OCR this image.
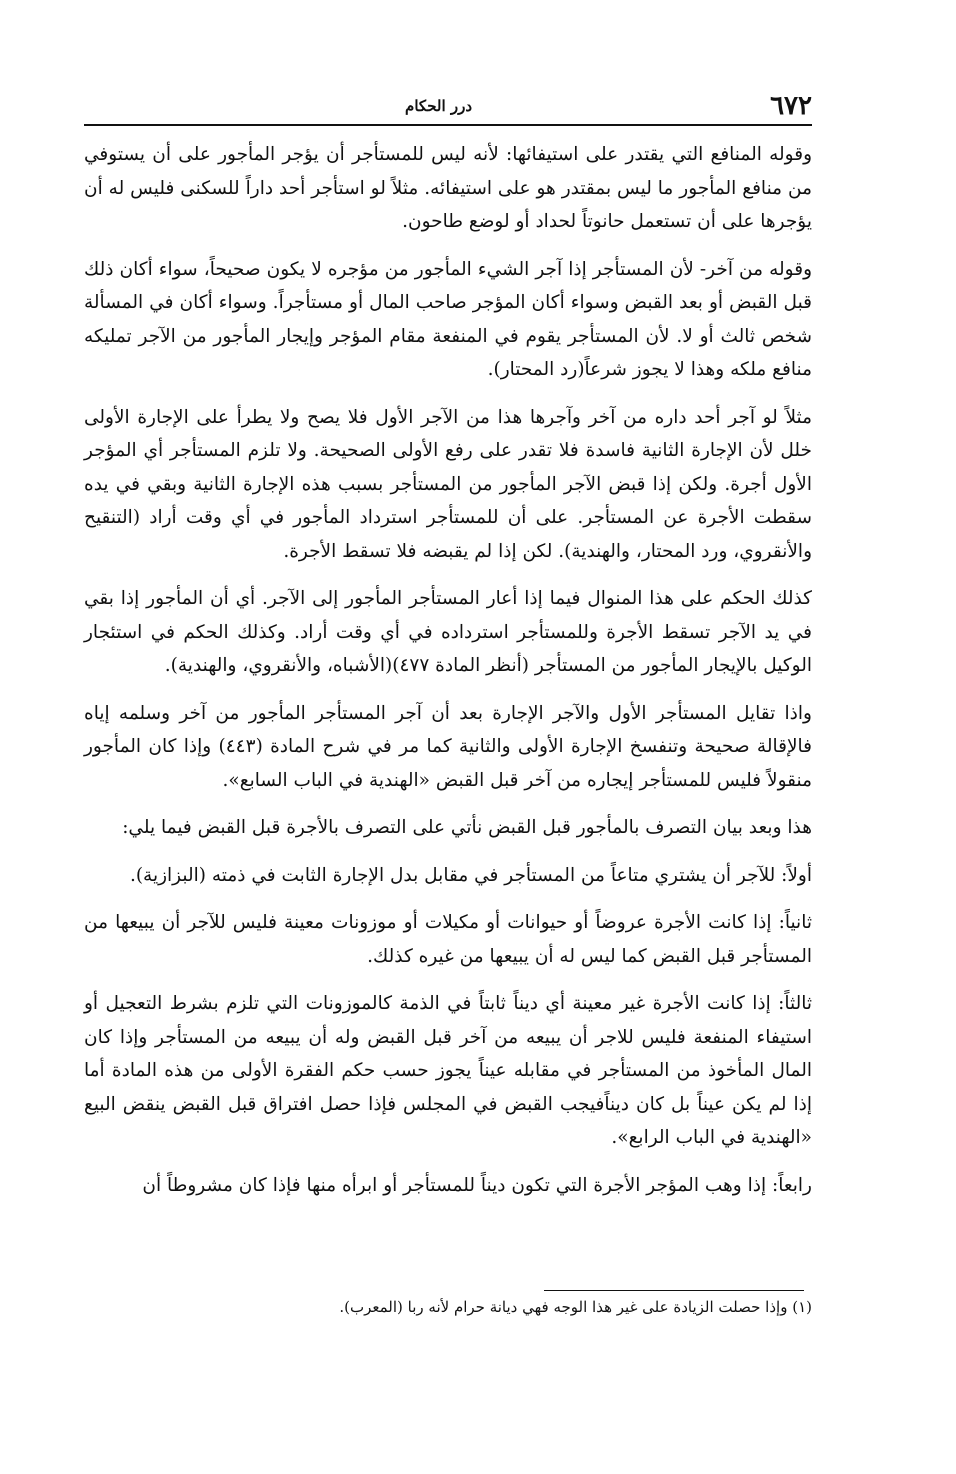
٦٧٢
درر الحكام

وقوله المنافع التي يقتدر على استيفائها: لأنه ليس للمستأجر أن يؤجر المأجور على أن يستوفي من منافع المأجور ما ليس بمقتدر هو على استيفائه. مثلاً لو استأجر أحد داراً للسكنى فليس له أن يؤجرها على أن تستعمل حانوتاً لحداد أو لوضع طاحون.

وقوله من آخر- لأن المستأجر إذا آجر الشيء المأجور من مؤجره لا يكون صحيحاً، سواء أكان ذلك قبل القبض أو بعد القبض وسواء أكان المؤجر صاحب المال أو مستأجراً. وسواء أكان في المسألة شخص ثالث أو لا. لأن المستأجر يقوم في المنفعة مقام المؤجر وإيجار المأجور من الآجر تمليكه منافع ملكه وهذا لا يجوز شرعاً(رد المحتار).

مثلاً لو آجر أحد داره من آخر وآجرها هذا من الآجر الأول فلا يصح ولا يطرأ على الإجارة الأولى خلل لأن الإجارة الثانية فاسدة فلا تقدر على رفع الأولى الصحيحة. ولا تلزم المستأجر أي المؤجر الأول أجرة. ولكن إذا قبض الآجر المأجور من المستأجر بسبب هذه الإجارة الثانية وبقي في يده سقطت الأجرة عن المستأجر. على أن للمستأجر استرداد المأجور في أي وقت أراد (التنقيح والأنقروي، ورد المحتار، والهندية). لكن إذا لم يقبضه فلا تسقط الأجرة.

كذلك الحكم على هذا المنوال فيما إذا أعار المستأجر المأجور إلى الآجر. أي أن المأجور إذا بقي في يد الآجر تسقط الأجرة وللمستأجر استرداده في أي وقت أراد. وكذلك الحكم في استئجار الوكيل بالإيجار المأجور من المستأجر (أنظر المادة ٤٧٧)(الأشباه، والأنقروي، والهندية).

واذا تقايل المستأجر الأول والآجر الإجارة بعد أن آجر المستأجر المأجور من آخر وسلمه إياه فالإقالة صحيحة وتنفسخ الإجارة الأولى والثانية كما مر في شرح المادة (٤٤٣) وإذا كان المأجور منقولاً فليس للمستأجر إيجاره من آخر قبل القبض «الهندية في الباب السابع».

هذا وبعد بيان التصرف بالمأجور قبل القبض نأتي على التصرف بالأجرة قبل القبض فيما يلي:

أولاً: للآجر أن يشتري متاعاً من المستأجر في مقابل بدل الإجارة الثابت في ذمته (البزازية).

ثانياً: إذا كانت الأجرة عروضاً أو حيوانات أو مكيلات أو موزونات معينة فليس للآجر أن يبيعها من المستأجر قبل القبض كما ليس له أن يبيعها من غيره كذلك.

ثالثاً: إذا كانت الأجرة غير معينة أي ديناً ثابتاً في الذمة كالموزونات التي تلزم بشرط التعجيل أو استيفاء المنفعة فليس للاجر أن يبيعه من آخر قبل القبض وله أن يبيعه من المستأجر وإذا كان المال المأخوذ من المستأجر في مقابله عيناً يجوز حسب حكم الفقرة الأولى من هذه المادة أما إذا لم يكن عيناً بل كان ديناًفيجب القبض في المجلس فإذا حصل افتراق قبل القبض ينقض البيع «الهندية في الباب الرابع».

رابعاً: إذا وهب المؤجر الأجرة التي تكون ديناً للمستأجر أو ابرأه منها فإذا كان مشروطاً أن

(١) وإذا حصلت الزيادة على غير هذا الوجه فهي ديانة حرام لأنه ربا (المعرب).
